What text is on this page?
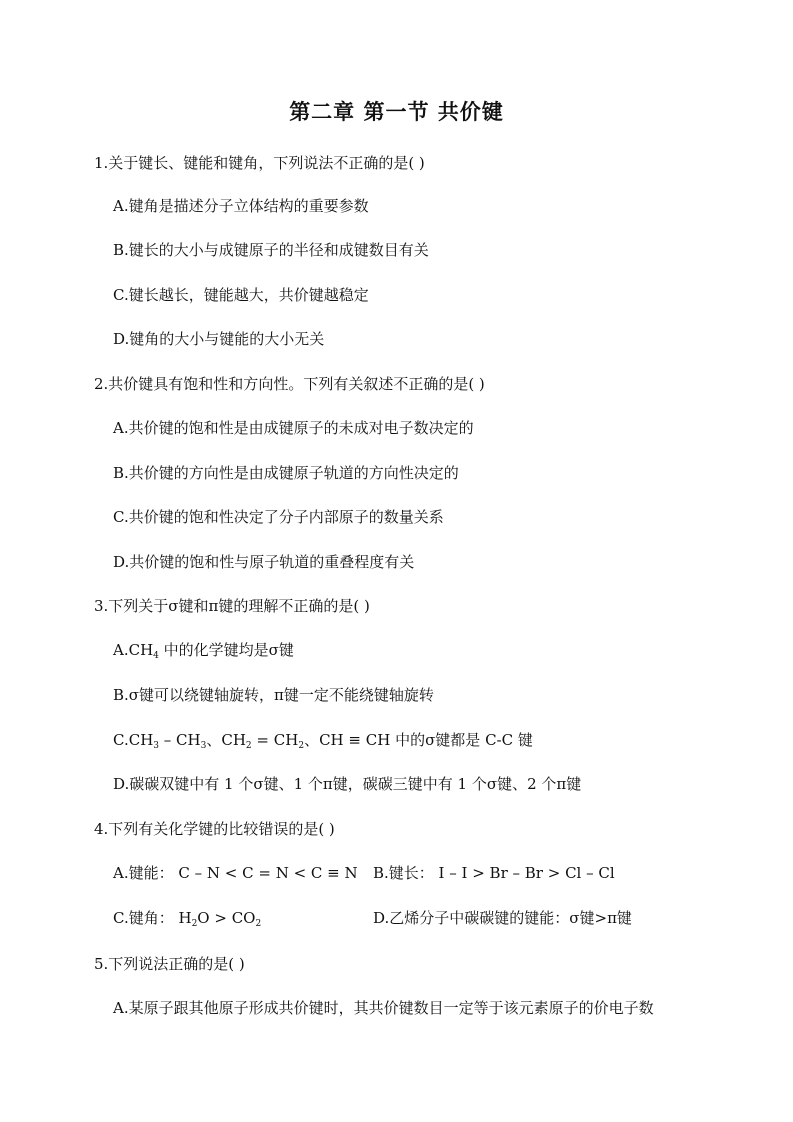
第二章 第一节 共价键
1.关于键长、键能和键角，下列说法不正确的是( )
A.键角是描述分子立体结构的重要参数
B.键长的大小与成键原子的半径和成键数目有关
C.键长越长，键能越大，共价键越稳定
D.键角的大小与键能的大小无关
2.共价键具有饱和性和方向性。下列有关叙述不正确的是( )
A.共价键的饱和性是由成键原子的未成对电子数决定的
B.共价键的方向性是由成键原子轨道的方向性决定的
C.共价键的饱和性决定了分子内部原子的数量关系
D.共价键的饱和性与原子轨道的重叠程度有关
3.下列关于σ键和π键的理解不正确的是( )
$A.CH_4$ 中的化学键均是σ键
B.σ键可以绕键轴旋转，π键一定不能绕键轴旋转
$C.CH_3 - CH_3$、$CH_2 = CH_2$、CH ≡ CH 中的σ键都是 C-C 键
D.碳碳双键中有 1 个σ键、1 个π键，碳碳三键中有 1 个σ键、2 个π键
4.下列有关化学键的比较错误的是( )
A.键能： C – N < C = N < C ≡ N B.键长： I – I > Br – Br > Cl – Cl
C.键角： $H_2O > CO_2$	D.乙烯分子中碳碳键的键能：σ键>π键
5.下列说法正确的是( )
A.某原子跟其他原子形成共价键时，其共价键数目一定等于该元素原子的价电子数
